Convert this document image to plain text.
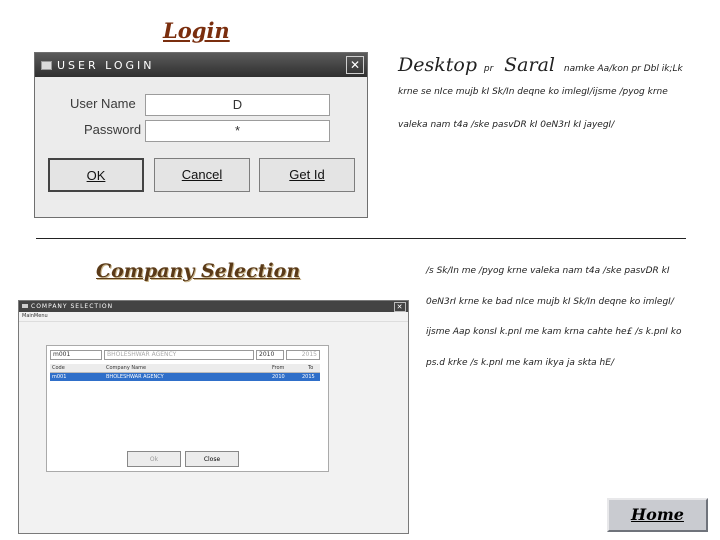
Login
USER LOGIN	✕
User Name	D
Password	*
OK	Cancel	Get Id
Desktop pr Saral namke Aa/kon pr Dbl ik;Lk
krne se nIce mujb kI Sk/In deqne ko imlegI/ijsme /pyog krne
valeka nam t4a /ske pasvDR kI 0eN3rI kI jayegI/
Company Selection	/s Sk/In me /pyog krne valeka nam t4a /ske pasvDR kI
0eN3rI krne ke bad nIce mujb kI Sk/In deqne ko imlegI/
ijsme Aap konsI k.pnI me kam krna cahte he£ /s k.pnI ko
ps.d krke /s k.pnI me kam ikya ja skta hE/
COMPANY SELECTION	✕
MainMenu
m001	BHOLESHWAR AGENCY	2010	2015
Code	Company Name	From	To
m001	BHOLESHWAR AGENCY	2010	2015
Ok	Close
Home
